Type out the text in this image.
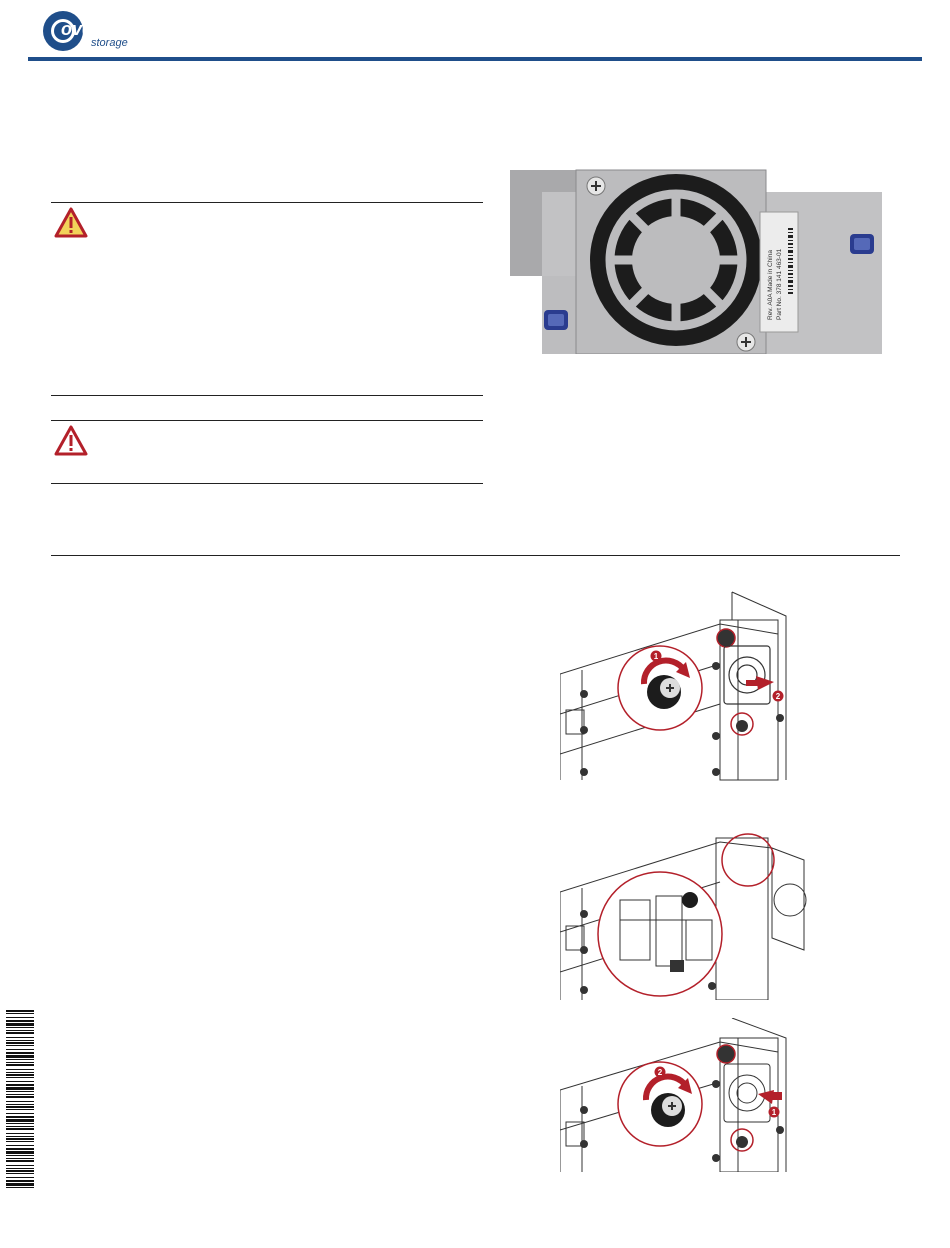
overland
storage
Rev. A0A Made in China Part No. 378 141 463-01
1
2
2
1
